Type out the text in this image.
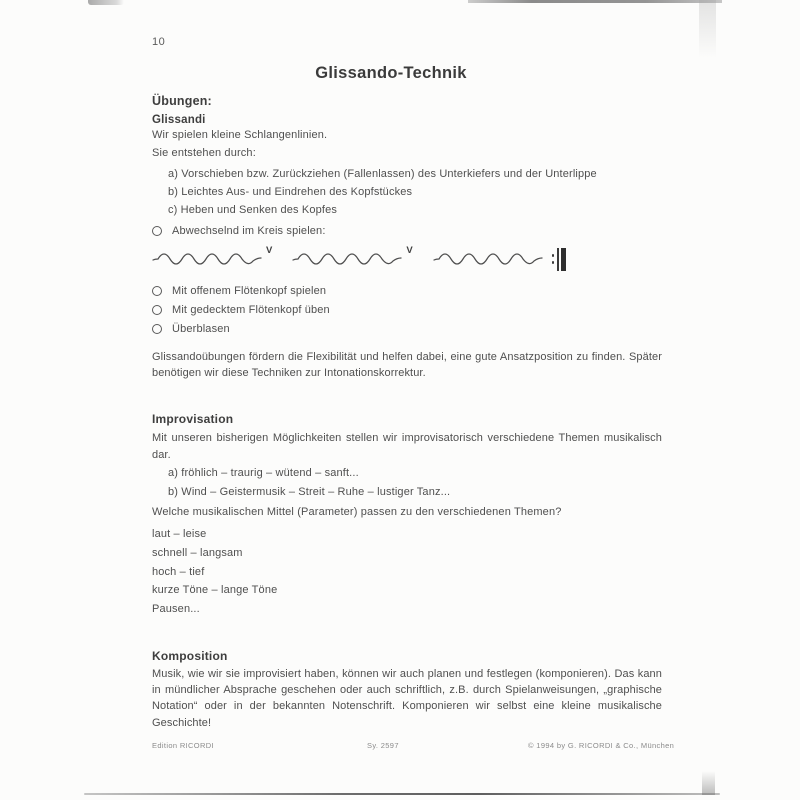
10
Glissando-Technik
Übungen:
Glissandi
Wir spielen kleine Schlangenlinien.
Sie entstehen durch:
a) Vorschieben bzw. Zurückziehen (Fallenlassen) des Unterkiefers und der Unterlippe
b) Leichtes Aus- und Eindrehen des Kopfstückes
c) Heben und Senken des Kopfes
Abwechselnd im Kreis spielen:
V	V
Mit offenem Flötenkopf spielen
Mit gedecktem Flötenkopf üben
Überblasen
Glissandoübungen fördern die Flexibilität und helfen dabei, eine gute Ansatzposition zu finden. Später benötigen wir diese Techniken zur Intonationskorrektur.
Improvisation
Mit unseren bisherigen Möglichkeiten stellen wir improvisatorisch verschiedene Themen musikalisch dar.
a) fröhlich – traurig – wütend – sanft...
b) Wind – Geistermusik – Streit – Ruhe – lustiger Tanz...
Welche musikalischen Mittel (Parameter) passen zu den verschiedenen Themen?
laut – leise
schnell – langsam
hoch – tief
kurze Töne – lange Töne
Pausen...
Komposition
Musik, wie wir sie improvisiert haben, können wir auch planen und festlegen (komponieren). Das kann in mündlicher Absprache geschehen oder auch schriftlich, z.B. durch Spielanweisungen, „graphische Notation“ oder in der bekannten Notenschrift. Komponieren wir selbst eine kleine musikalische Geschichte!
Edition RICORDI	Sy. 2597	© 1994 by G. RICORDI & Co., München
